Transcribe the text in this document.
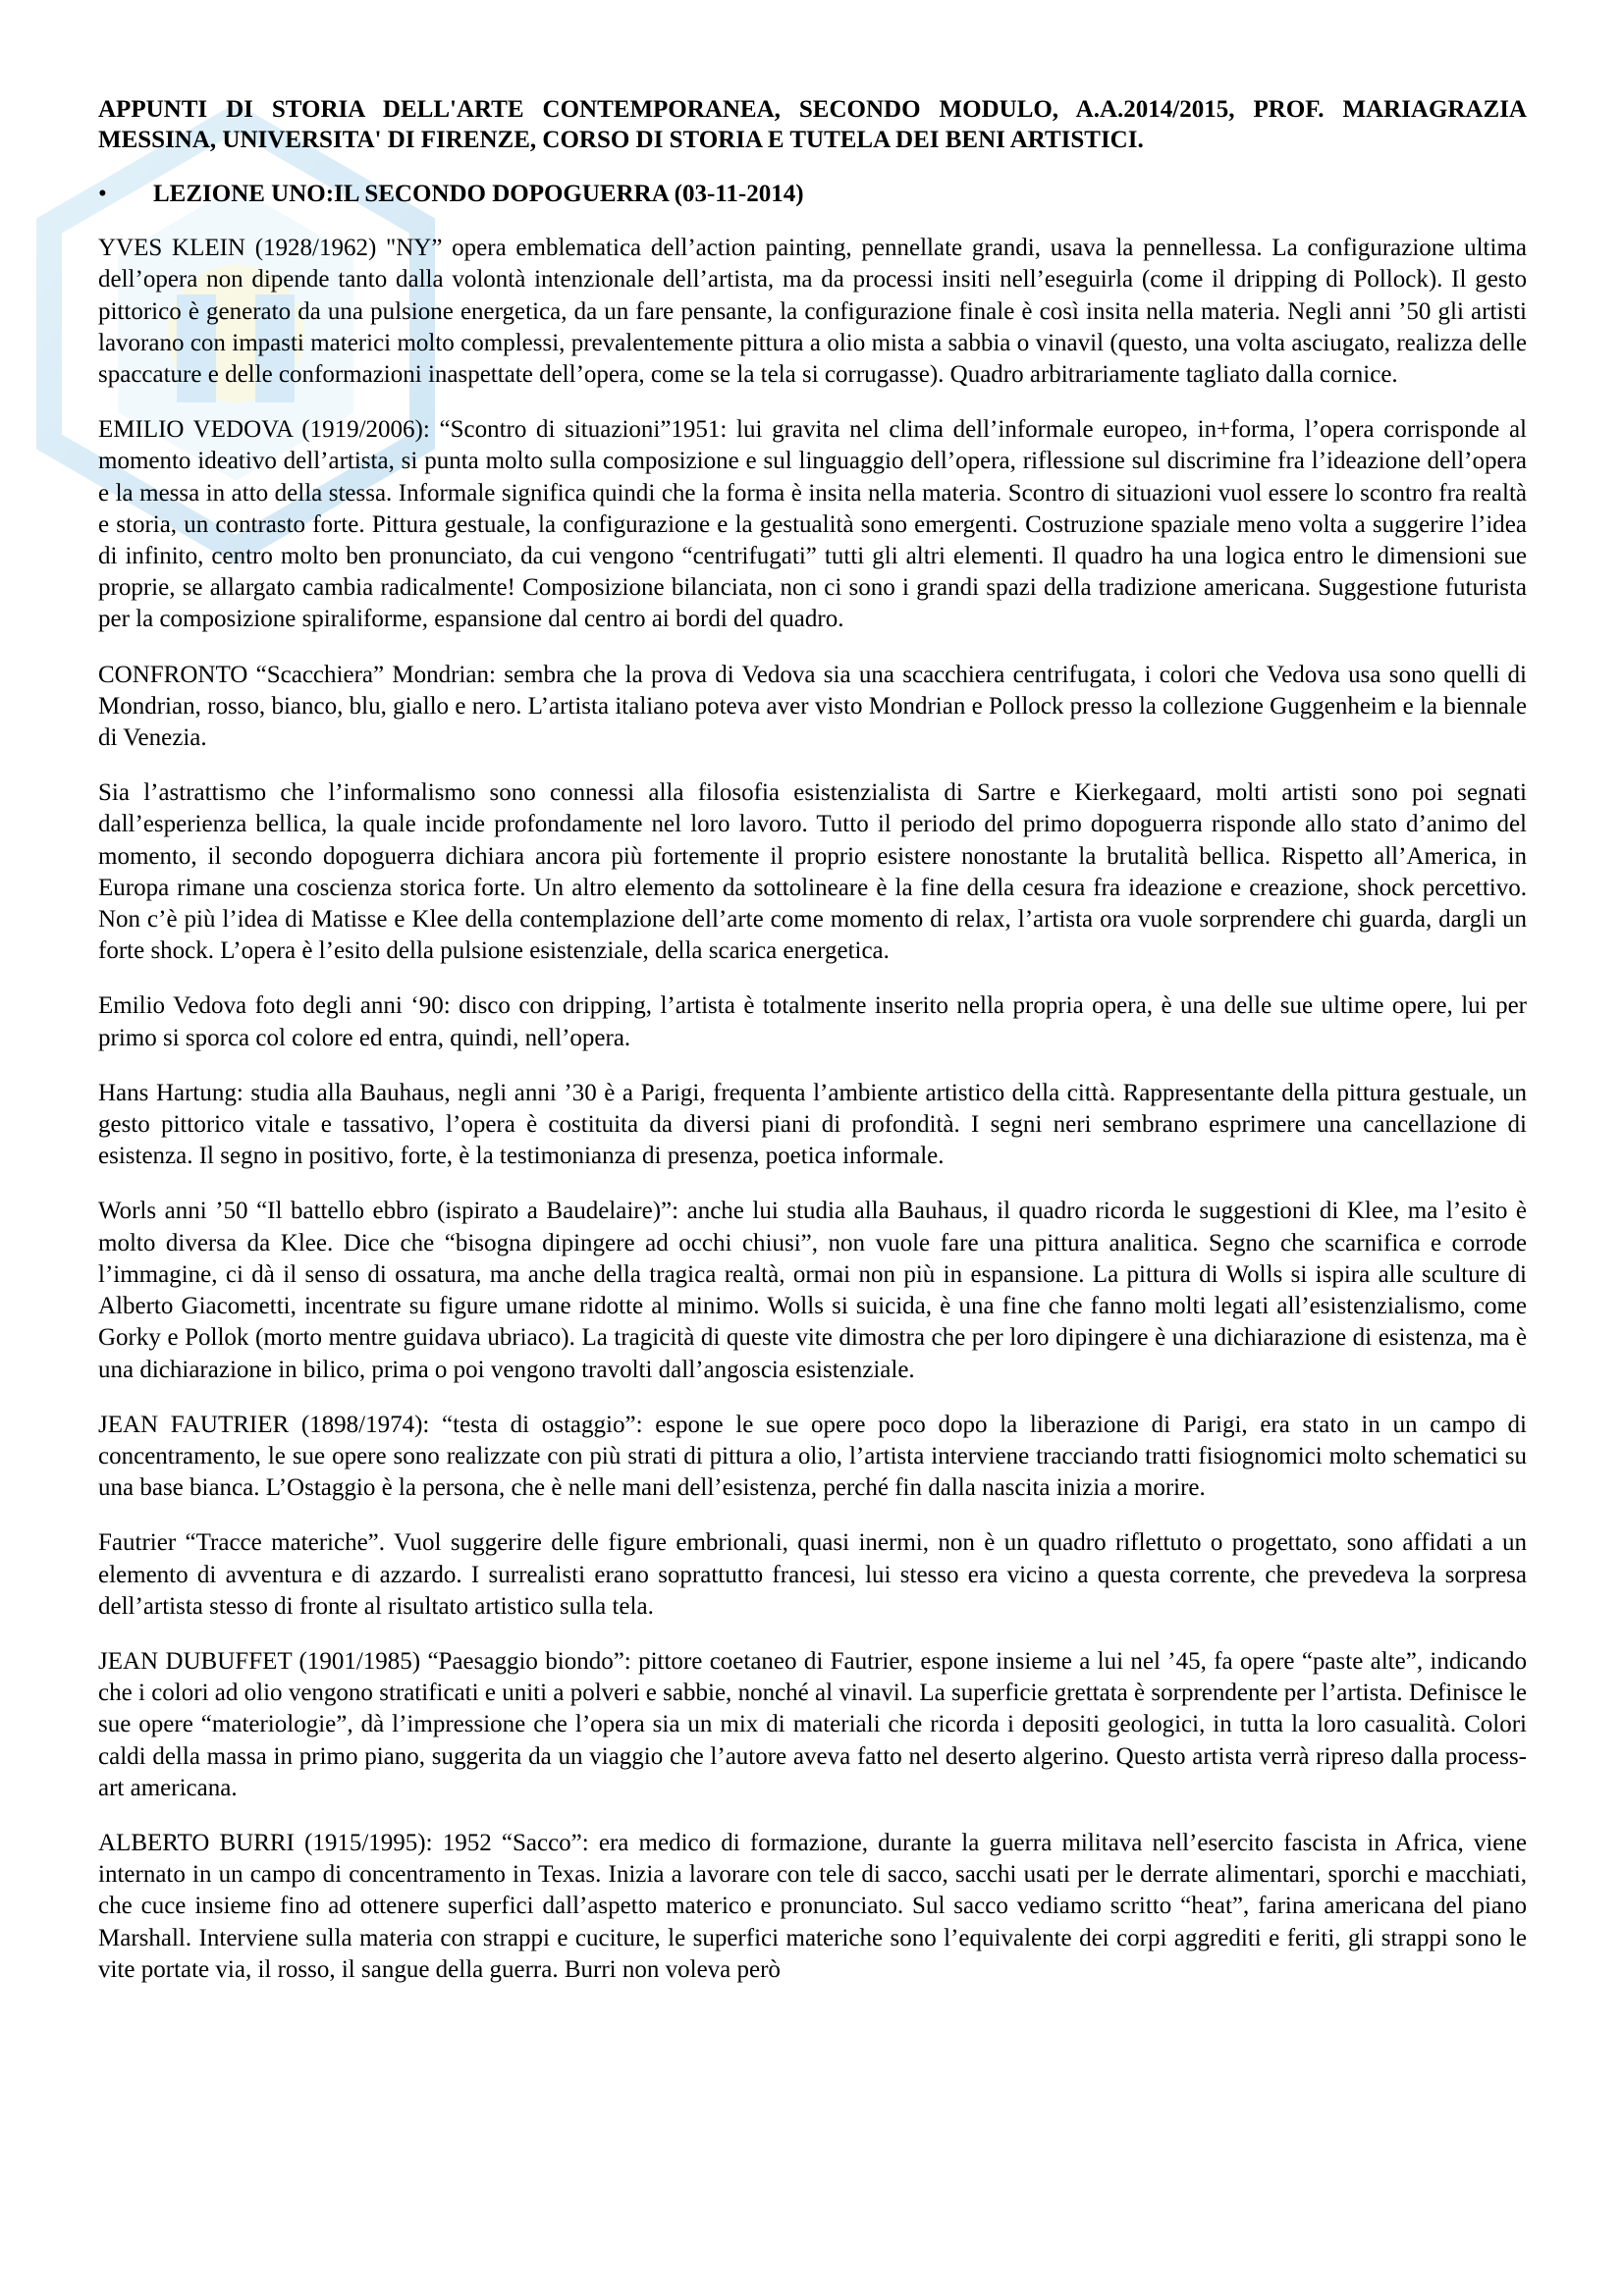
APPUNTI DI STORIA DELL'ARTE CONTEMPORANEA, SECONDO MODULO, A.A.2014/2015, PROF. MARIAGRAZIA MESSINA, UNIVERSITA' DI FIRENZE, CORSO DI STORIA E TUTELA DEI BENI ARTISTICI.
•	LEZIONE UNO:IL SECONDO DOPOGUERRA (03-11-2014)

YVES KLEIN (1928/1962) "NY” opera emblematica dell’action painting, pennellate grandi, usava la pennellessa. La configurazione ultima dell’opera non dipende tanto dalla volontà intenzionale dell’artista, ma da processi insiti nell’eseguirla (come il dripping di Pollock). Il gesto pittorico è generato da una pulsione energetica, da un fare pensante, la configurazione finale è così insita nella materia. Negli anni ’50 gli artisti lavorano con impasti materici molto complessi, prevalentemente pittura a olio mista a sabbia o vinavil (questo, una volta asciugato, realizza delle spaccature e delle conformazioni inaspettate dell’opera, come se la tela si corrugasse). Quadro arbitrariamente tagliato dalla cornice.

EMILIO VEDOVA (1919/2006): “Scontro di situazioni”1951: lui gravita nel clima dell’informale europeo, in+forma, l’opera corrisponde al momento ideativo dell’artista, si punta molto sulla composizione e sul linguaggio dell’opera, riflessione sul discrimine fra l’ideazione dell’opera e la messa in atto della stessa. Informale significa quindi che la forma è insita nella materia. Scontro di situazioni vuol essere lo scontro fra realtà e storia, un contrasto forte. Pittura gestuale, la configurazione e la gestualità sono emergenti. Costruzione spaziale meno volta a suggerire l’idea di infinito, centro molto ben pronunciato, da cui vengono “centrifugati” tutti gli altri elementi. Il quadro ha una logica entro le dimensioni sue proprie, se allargato cambia radicalmente! Composizione bilanciata, non ci sono i grandi spazi della tradizione americana. Suggestione futurista per la composizione spiraliforme, espansione dal centro ai bordi del quadro.

CONFRONTO “Scacchiera” Mondrian: sembra che la prova di Vedova sia una scacchiera centrifugata, i colori che Vedova usa sono quelli di Mondrian, rosso, bianco, blu, giallo e nero. L’artista italiano poteva aver visto Mondrian e Pollock presso la collezione Guggenheim e la biennale di Venezia.

Sia l’astrattismo che l’informalismo sono connessi alla filosofia esistenzialista di Sartre e Kierkegaard, molti artisti sono poi segnati dall’esperienza bellica, la quale incide profondamente nel loro lavoro. Tutto il periodo del primo dopoguerra risponde allo stato d’animo del momento, il secondo dopoguerra dichiara ancora più fortemente il proprio esistere nonostante la brutalità bellica. Rispetto all’America, in Europa rimane una coscienza storica forte. Un altro elemento da sottolineare è la fine della cesura fra ideazione e creazione, shock percettivo. Non c’è più l’idea di Matisse e Klee della contemplazione dell’arte come momento di relax, l’artista ora vuole sorprendere chi guarda, dargli un forte shock. L’opera è l’esito della pulsione esistenziale, della scarica energetica.

Emilio Vedova foto degli anni ‘90: disco con dripping, l’artista è totalmente inserito nella propria opera, è una delle sue ultime opere, lui per primo si sporca col colore ed entra, quindi, nell’opera.

Hans Hartung: studia alla Bauhaus, negli anni ’30 è a Parigi, frequenta l’ambiente artistico della città. Rappresentante della pittura gestuale, un gesto pittorico vitale e tassativo, l’opera è costituita da diversi piani di profondità. I segni neri sembrano esprimere una cancellazione di esistenza. Il segno in positivo, forte, è la testimonianza di presenza, poetica informale.

Worls anni ’50 “Il battello ebbro (ispirato a Baudelaire)”: anche lui studia alla Bauhaus, il quadro ricorda le suggestioni di Klee, ma l’esito è molto diversa da Klee. Dice che “bisogna dipingere ad occhi chiusi”, non vuole fare una pittura analitica. Segno che scarnifica e corrode l’immagine, ci dà il senso di ossatura, ma anche della tragica realtà, ormai non più in espansione. La pittura di Wolls si ispira alle sculture di Alberto Giacometti, incentrate su figure umane ridotte al minimo. Wolls si suicida, è una fine che fanno molti legati all’esistenzialismo, come Gorky e Pollok (morto mentre guidava ubriaco). La tragicità di queste vite dimostra che per loro dipingere è una dichiarazione di esistenza, ma è una dichiarazione in bilico, prima o poi vengono travolti dall’angoscia esistenziale.

JEAN FAUTRIER (1898/1974): “testa di ostaggio”: espone le sue opere poco dopo la liberazione di Parigi, era stato in un campo di concentramento, le sue opere sono realizzate con più strati di pittura a olio, l’artista interviene tracciando tratti fisiognomici molto schematici su una base bianca. L’Ostaggio è la persona, che è nelle mani dell’esistenza, perché fin dalla nascita inizia a morire.

Fautrier “Tracce materiche”. Vuol suggerire delle figure embrionali, quasi inermi, non è un quadro riflettuto o progettato, sono affidati a un elemento di avventura e di azzardo. I surrealisti erano soprattutto francesi, lui stesso era vicino a questa corrente, che prevedeva la sorpresa dell’artista stesso di fronte al risultato artistico sulla tela.

JEAN DUBUFFET (1901/1985) “Paesaggio biondo”: pittore coetaneo di Fautrier, espone insieme a lui nel ’45, fa opere “paste alte”, indicando che i colori ad olio vengono stratificati e uniti a polveri e sabbie, nonché al vinavil. La superficie grettata è sorprendente per l’artista. Definisce le sue opere “materiologie”, dà l’impressione che l’opera sia un mix di materiali che ricorda i depositi geologici, in tutta la loro casualità. Colori caldi della massa in primo piano, suggerita da un viaggio che l’autore aveva fatto nel deserto algerino. Questo artista verrà ripreso dalla process-art americana.

ALBERTO BURRI (1915/1995): 1952 “Sacco”: era medico di formazione, durante la guerra militava nell’esercito fascista in Africa, viene internato in un campo di concentramento in Texas. Inizia a lavorare con tele di sacco, sacchi usati per le derrate alimentari, sporchi e macchiati, che cuce insieme fino ad ottenere superfici dall’aspetto materico e pronunciato. Sul sacco vediamo scritto “heat”, farina americana del piano Marshall. Interviene sulla materia con strappi e cuciture, le superfici materiche sono l’equivalente dei corpi aggrediti e feriti, gli strappi sono le vite portate via, il rosso, il sangue della guerra. Burri non voleva però
